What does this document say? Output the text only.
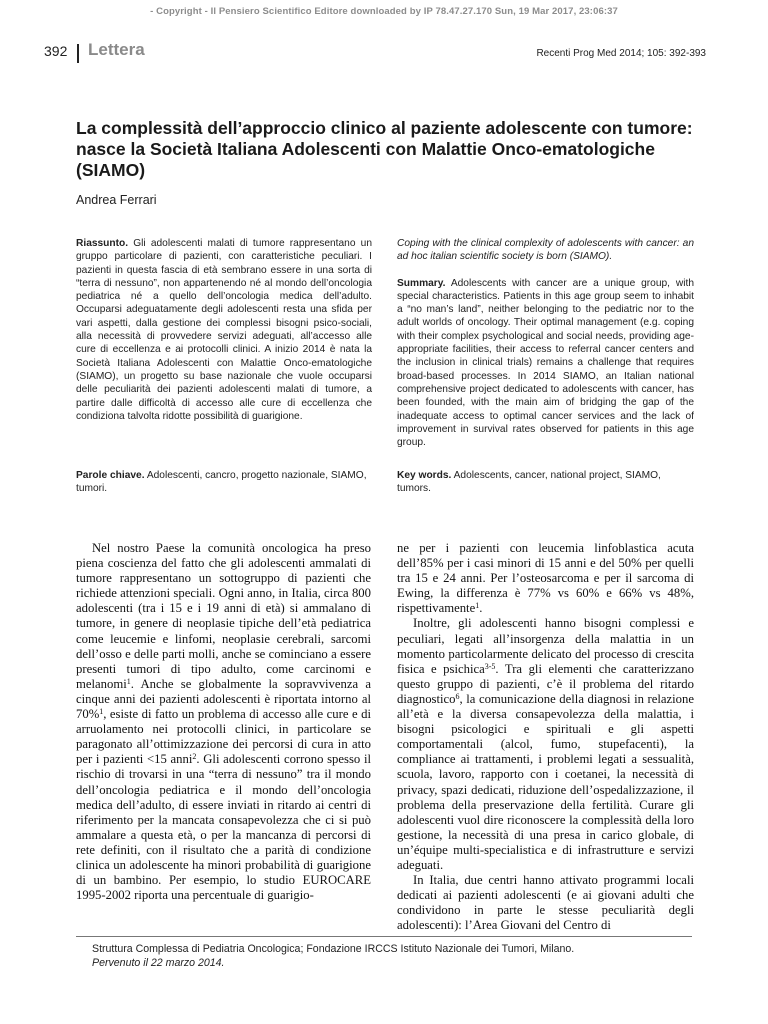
- Copyright - Il Pensiero Scientifico Editore downloaded by IP 78.47.27.170 Sun, 19 Mar 2017, 23:06:37
392 Lettera	Recenti Prog Med 2014; 105: 392-393
La complessità dell’approccio clinico al paziente adolescente con tumore: nasce la Società Italiana Adolescenti con Malattie Onco-ematologiche (SIAMO)
Andrea Ferrari

Riassunto. Gli adolescenti malati di tumore rappresentano un gruppo particolare di pazienti, con caratteristiche peculiari. I pazienti in questa fascia di età sembrano essere in una sorta di “terra di nessuno”, non appartenendo né al mondo dell’oncologia pediatrica né a quello dell’oncologia medica dell’adulto. Occuparsi adeguatamente degli adolescenti resta una sfida per vari aspetti, dalla gestione dei complessi bisogni psico-sociali, alla necessità di provvedere servizi adeguati, all’accesso alle cure di eccellenza e ai protocolli clinici. A inizio 2014 è nata la Società Italiana Adolescenti con Malattie Onco-ematologiche (SIAMO), un progetto su base nazionale che vuole occuparsi delle peculiarità dei pazienti adolescenti malati di tumore, a partire dalle difficoltà di accesso alle cure di eccellenza che condiziona talvolta ridotte possibilità di guarigione.

Parole chiave. Adolescenti, cancro, progetto nazionale, SIAMO, tumori.

Coping with the clinical complexity of adolescents with cancer: an ad hoc italian scientific society is born (SIAMO).

Summary. Adolescents with cancer are a unique group, with special characteristics. Patients in this age group seem to inhabit a “no man’s land”, neither belonging to the pediatric nor to the adult worlds of oncology. Their optimal management (e.g. coping with their complex psychological and social needs, providing age-appropriate facilities, their access to referral cancer centers and the inclusion in clinical trials) remains a challenge that requires broad-based processes. In 2014 SIAMO, an Italian national comprehensive project dedicated to adolescents with cancer, has been founded, with the main aim of bridging the gap of the inadequate access to optimal cancer services and the lack of improvement in survival rates observed for patients in this age group.

Key words. Adolescents, cancer, national project, SIAMO, tumors.

Nel nostro Paese la comunità oncologica ha preso piena coscienza del fatto che gli adolescenti ammalati di tumore rappresentano un sottogruppo di pazienti che richiede attenzioni speciali. Ogni anno, in Italia, circa 800 adolescenti (tra i 15 e i 19 anni di età) si ammalano di tumore, in genere di neoplasie tipiche dell’età pediatrica come leucemie e linfomi, neoplasie cerebrali, sarcomi dell’osso e delle parti molli, anche se cominciano a essere presenti tumori di tipo adulto, come carcinomi e melanomi$^1$. Anche se globalmente la sopravvivenza a cinque anni dei pazienti adolescenti è riportata intorno al 70%$^1$, esiste di fatto un problema di accesso alle cure e di arruolamento nei protocolli clinici, in particolare se paragonato all’ottimizzazione dei percorsi di cura in atto per i pazienti <15 anni$^2$. Gli adolescenti corrono spesso il rischio di trovarsi in una “terra di nessuno” tra il mondo dell’oncologia pediatrica e il mondo dell’oncologia medica dell’adulto, di essere inviati in ritardo ai centri di riferimento per la mancata consapevolezza che ci si può ammalare a questa età, o per la mancanza di percorsi di rete definiti, con il risultato che a parità di condizione clinica un adolescente ha minori probabilità di guarigione di un bambino. Per esempio, lo studio EUROCARE 1995-2002 riporta una percentuale di guarigio-

ne per i pazienti con leucemia linfoblastica acuta dell’85% per i casi minori di 15 anni e del 50% per quelli tra 15 e 24 anni. Per l’osteosarcoma e per il sarcoma di Ewing, la differenza è 77% vs 60% e 66% vs 48%, rispettivamente$^1$.

Inoltre, gli adolescenti hanno bisogni complessi e peculiari, legati all’insorgenza della malattia in un momento particolarmente delicato del processo di crescita fisica e psichica$^{3-5}$. Tra gli elementi che caratterizzano questo gruppo di pazienti, c’è il problema del ritardo diagnostico$^6$, la comunicazione della diagnosi in relazione all’età e la diversa consapevolezza della malattia, i bisogni psicologici e spirituali e gli aspetti comportamentali (alcol, fumo, stupefacenti), la compliance ai trattamenti, i problemi legati a sessualità, scuola, lavoro, rapporto con i coetanei, la necessità di privacy, spazi dedicati, riduzione dell’ospedalizzazione, il problema della preservazione della fertilità. Curare gli adolescenti vuol dire riconoscere la complessità della loro gestione, la necessità di una presa in carico globale, di un’équipe multi-specialistica e di infrastrutture e servizi adeguati.

In Italia, due centri hanno attivato programmi locali dedicati ai pazienti adolescenti (e ai giovani adulti che condividono in parte le stesse peculiarità degli adolescenti): l’Area Giovani del Centro di

Struttura Complessa di Pediatria Oncologica; Fondazione IRCCS Istituto Nazionale dei Tumori, Milano.
Pervenuto il 22 marzo 2014.
